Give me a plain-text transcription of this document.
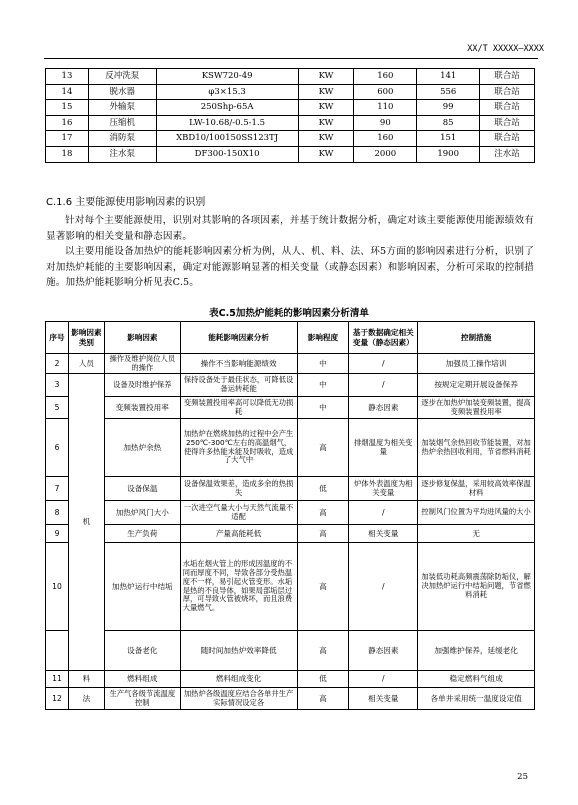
XX/T XXXXX—XXXX
13	反冲洗泵	KSW720-49	KW	160	141	联合站
14	脱水器	φ3×15.3	KW	600	556	联合站
15	外输泵	250Shp-65A	KW	110	99	联合站
16	压缩机	LW-10.68/-0.5-1.5	KW	90	85	联合站
17	消防泵	XBD10/100150SS123TJ	KW	160	151	联合站
18	注水泵	DF300-150X10	KW	2000	1900	注水站
C.1.6 主要能源使用影响因素的识别
针对每个主要能源使用，识别对其影响的各项因素，并基于统计数据分析，确定对该主要能源使用能源绩效有显著影响的相关变量和静态因素。
以主要用能设备加热炉的能耗影响因素分析为例，从人、机、料、法、环5方面的影响因素进行分析，识别了对加热炉耗能的主要影响因素，确定对能源影响显著的相关变量（或静态因素）和影响因素，分析可采取的控制措施。加热炉能耗影响分析见表C.5。
表C.5加热炉能耗的影响因素分析清单
序号	影响因素类别	影响因素	能耗影响因素分析	影响程度	基于数据确定相关变量（静态因素）	控制措施
2	人员	操作及维护岗位人员的操作	操作不当影响能源绩效	中	/	加强员工操作培训
3	机	设备及时维护保养	保持设备处于最佳状态，可降低设备运转耗能	中	/	按规定定期开展设备保养
5		变频装置投用率	变频装置投用率高可以降低无功损耗	中	静态因素	逐步在加热炉加装变频装置，提高变频装置投用率
6		加热炉余热	加热炉在燃烧加热的过程中会产生250℃-300℃左右的高温烟气，使得许多热能未能及时吸收，造成了大气中	高	排烟温度为相关变量	加装烟气余热回收节能装置，对加热炉余热回收利用，节省燃料消耗
7		设备保温	设备保温效果差，造成多余的热损失	低	炉体外表温度为相关变量	逐步修复保温，采用较高效率保温材料
8		加热炉风门大小	一次进空气量大小与天然气流量不适配	高	/	控制风门位置为平均进风量的大小
9		生产负荷	产量高能耗低	高	相关变量	无
10		加热炉运行中结垢	水垢在烟火管上的形成因温度的不同而厚度不同，导致各部分受热温度不一样，易引起火管变形。水垢是热的不良导体，如果局部垢层过厚，可导致火管被烧坏，而且浪费大量燃气。	高	/	加装低功耗高频震荡除防垢仪，解决加热炉运行中结垢问题，节省燃料消耗
		设备老化	随时间加热炉效率降低	高	静态因素	加强维护保养，延缓老化
11	料	燃料组成	燃料组成变化	低	/	稳定燃料气组成
12	法	生产气各级节流温度控制	加热炉各级温度应结合各单井生产实际情况设定各	高	相关变量	各单井采用统一温度设定值
25
